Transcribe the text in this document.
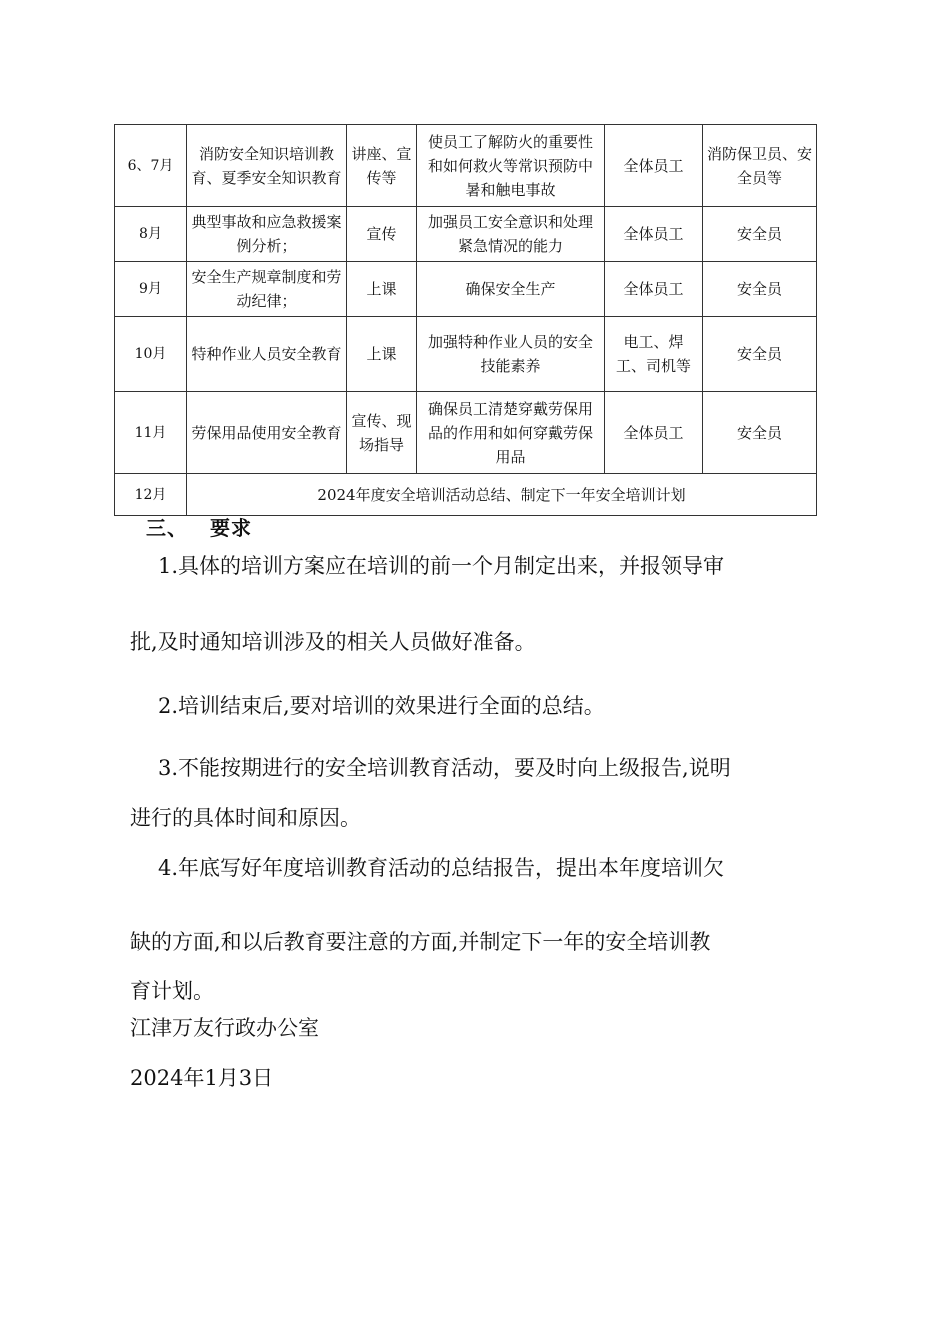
6、7月	消防安全知识培训教育、夏季安全知识教育	讲座、宣传等	使员工了解防火的重要性和如何救火等常识预防中暑和触电事故	全体员工	消防保卫员、安全员等
8月	典型事故和应急救援案例分析；	宣传	加强员工安全意识和处理紧急情况的能力	全体员工	安全员
9月	安全生产规章制度和劳动纪律；	上课	确保安全生产	全体员工	安全员
10月	特种作业人员安全教育	上课	加强特种作业人员的安全技能素养	电工、焊工、司机等	安全员
11月	劳保用品使用安全教育	宣传、现场指导	确保员工清楚穿戴劳保用品的作用和如何穿戴劳保用品	全体员工	安全员
12月	2024年度安全培训活动总结、制定下一年安全培训计划				
三、 要求
1.具体的培训方案应在培训的前一个月制定出来，并报领导审
批,及时通知培训涉及的相关人员做好准备。
2.培训结束后,要对培训的效果进行全面的总结。
3.不能按期进行的安全培训教育活动，要及时向上级报告,说明
进行的具体时间和原因。
4.年底写好年度培训教育活动的总结报告，提出本年度培训欠
缺的方面,和以后教育要注意的方面,并制定下一年的安全培训教
育计划。
江津万友行政办公室
2024年1月3日
